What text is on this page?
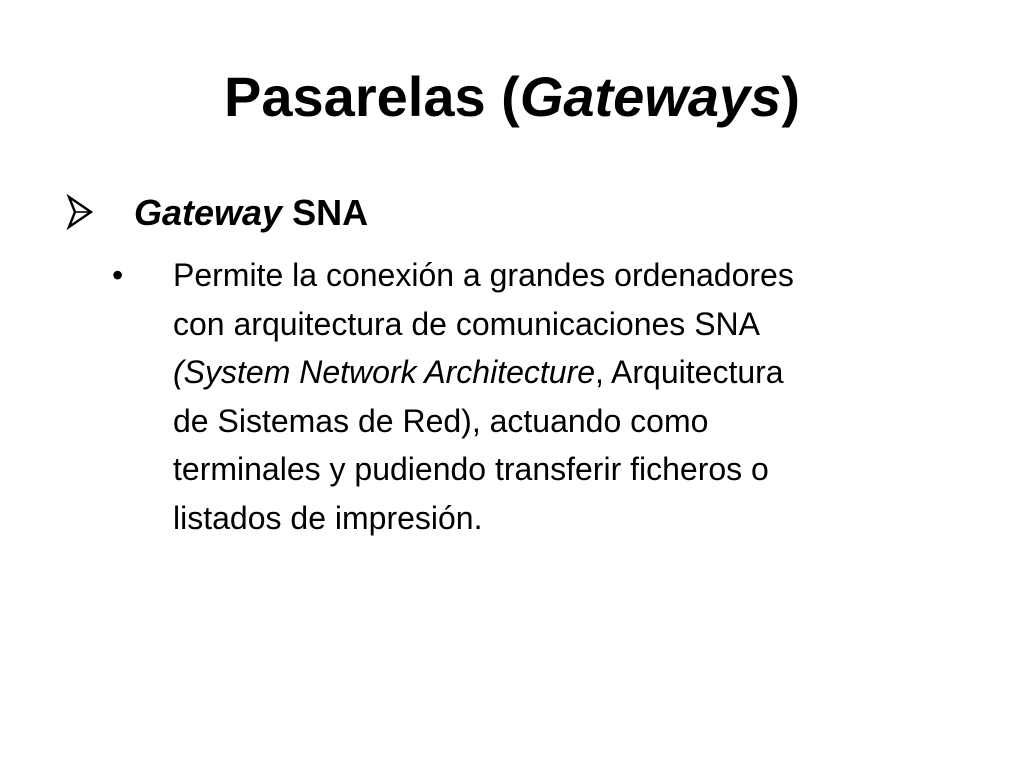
Pasarelas (Gateways)
Gateway SNA
• Permite la conexión a grandes ordenadores
con arquitectura de comunicaciones SNA
(System Network Architecture, Arquitectura
de Sistemas de Red), actuando como
terminales y pudiendo transferir ficheros o
listados de impresión.
